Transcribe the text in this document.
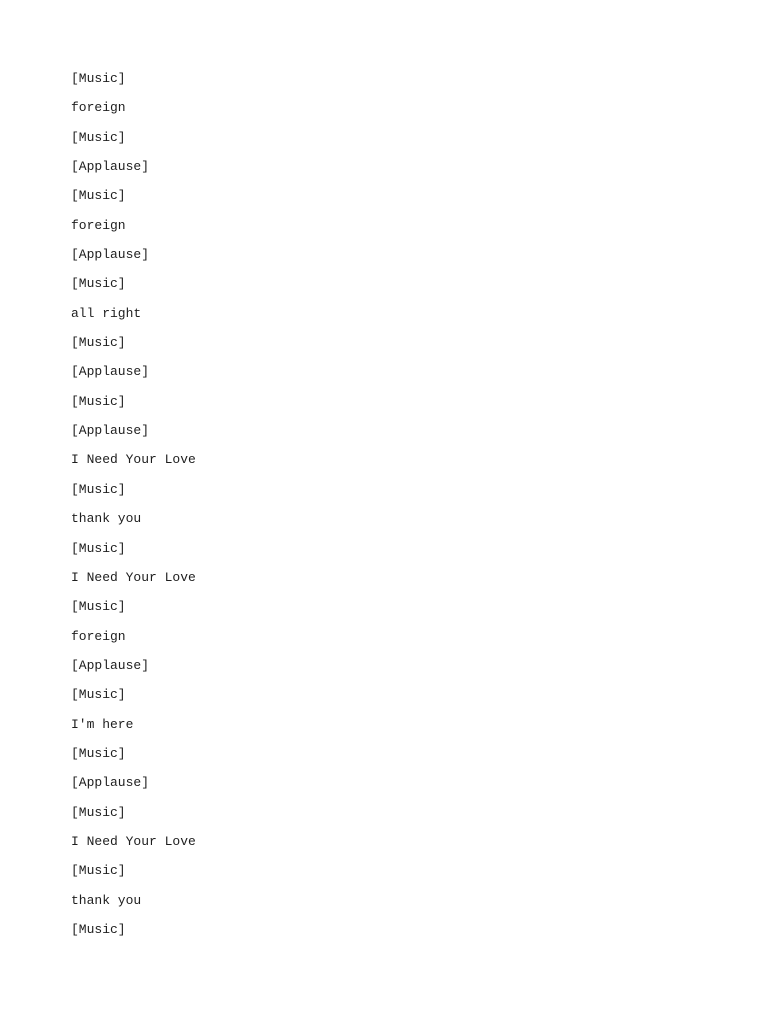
[Music]
foreign
[Music]
[Applause]
[Music]
foreign
[Applause]
[Music]
all right
[Music]
[Applause]
[Music]
[Applause]
I Need Your Love
[Music]
thank you
[Music]
I Need Your Love
[Music]
foreign
[Applause]
[Music]
I'm here
[Music]
[Applause]
[Music]
I Need Your Love
[Music]
thank you
[Music]
